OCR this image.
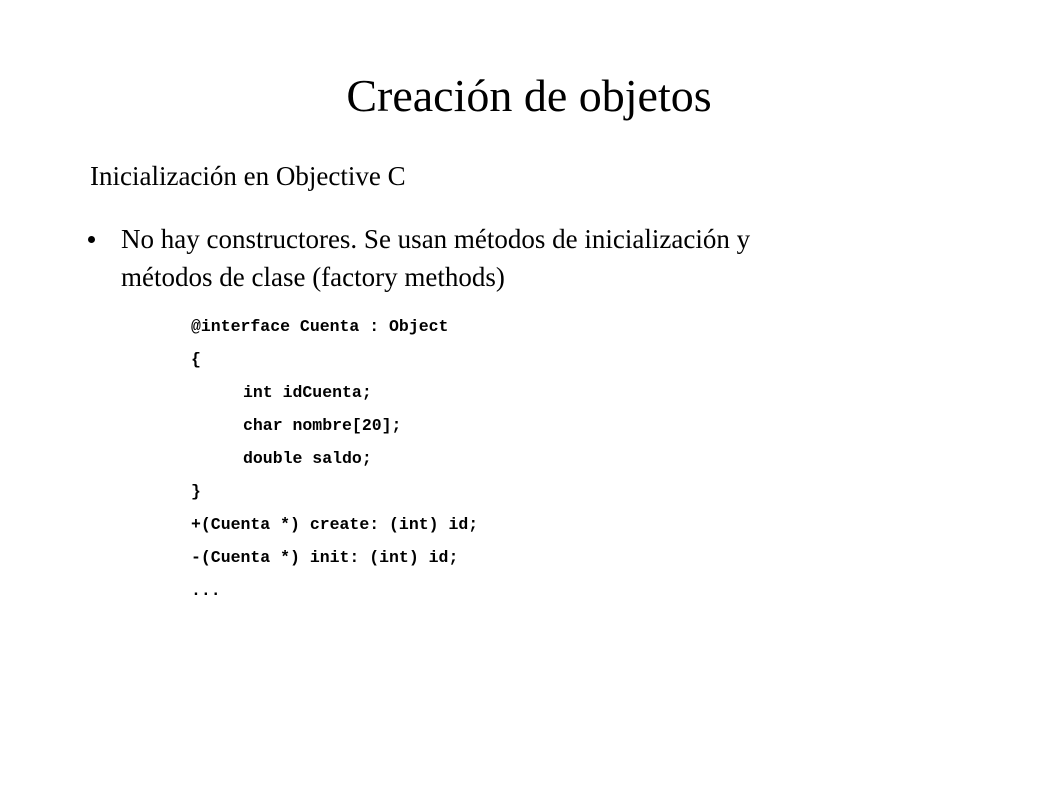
Creación de objetos
Inicialización en Objective C
No hay constructores. Se usan métodos de inicialización y
métodos de clase (factory methods)
@interface Cuenta : Object
{
int idCuenta;
char nombre[20];
double saldo;
}
+(Cuenta *) create: (int) id;
-(Cuenta *) init: (int) id;
...
